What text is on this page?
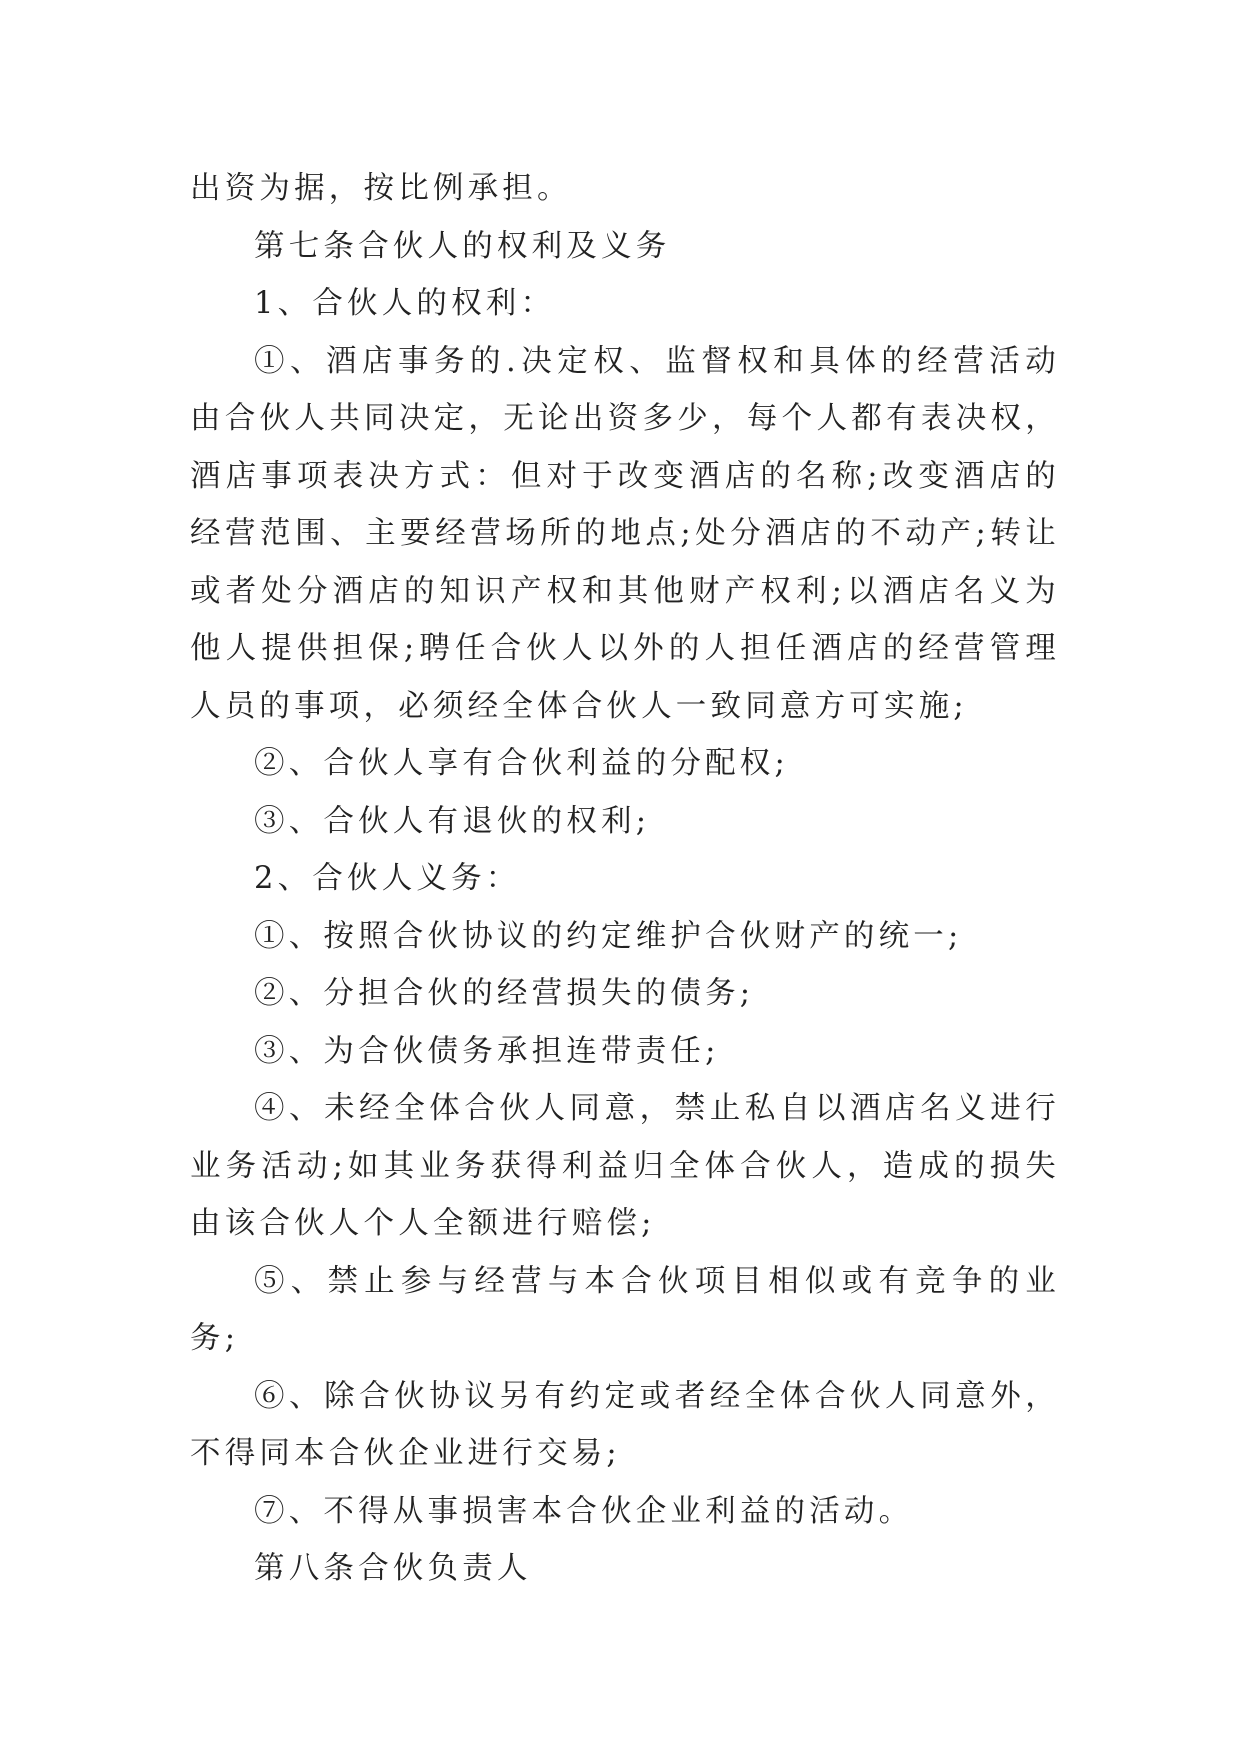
出资为据，按比例承担。

第七条合伙人的权利及义务

1、合伙人的权利：

①、酒店事务的.决定权、监督权和具体的经营活动由合伙人共同决定，无论出资多少，每个人都有表决权，酒店事项表决方式：但对于改变酒店的名称;改变酒店的经营范围、主要经营场所的地点;处分酒店的不动产;转让或者处分酒店的知识产权和其他财产权利;以酒店名义为他人提供担保;聘任合伙人以外的人担任酒店的经营管理人员的事项，必须经全体合伙人一致同意方可实施;

②、合伙人享有合伙利益的分配权;

③、合伙人有退伙的权利;

2、合伙人义务：

①、按照合伙协议的约定维护合伙财产的统一;

②、分担合伙的经营损失的债务;

③、为合伙债务承担连带责任;

④、未经全体合伙人同意，禁止私自以酒店名义进行业务活动;如其业务获得利益归全体合伙人，造成的损失由该合伙人个人全额进行赔偿;

⑤、禁止参与经营与本合伙项目相似或有竞争的业务;

⑥、除合伙协议另有约定或者经全体合伙人同意外，不得同本合伙企业进行交易;

⑦、不得从事损害本合伙企业利益的活动。

第八条合伙负责人
